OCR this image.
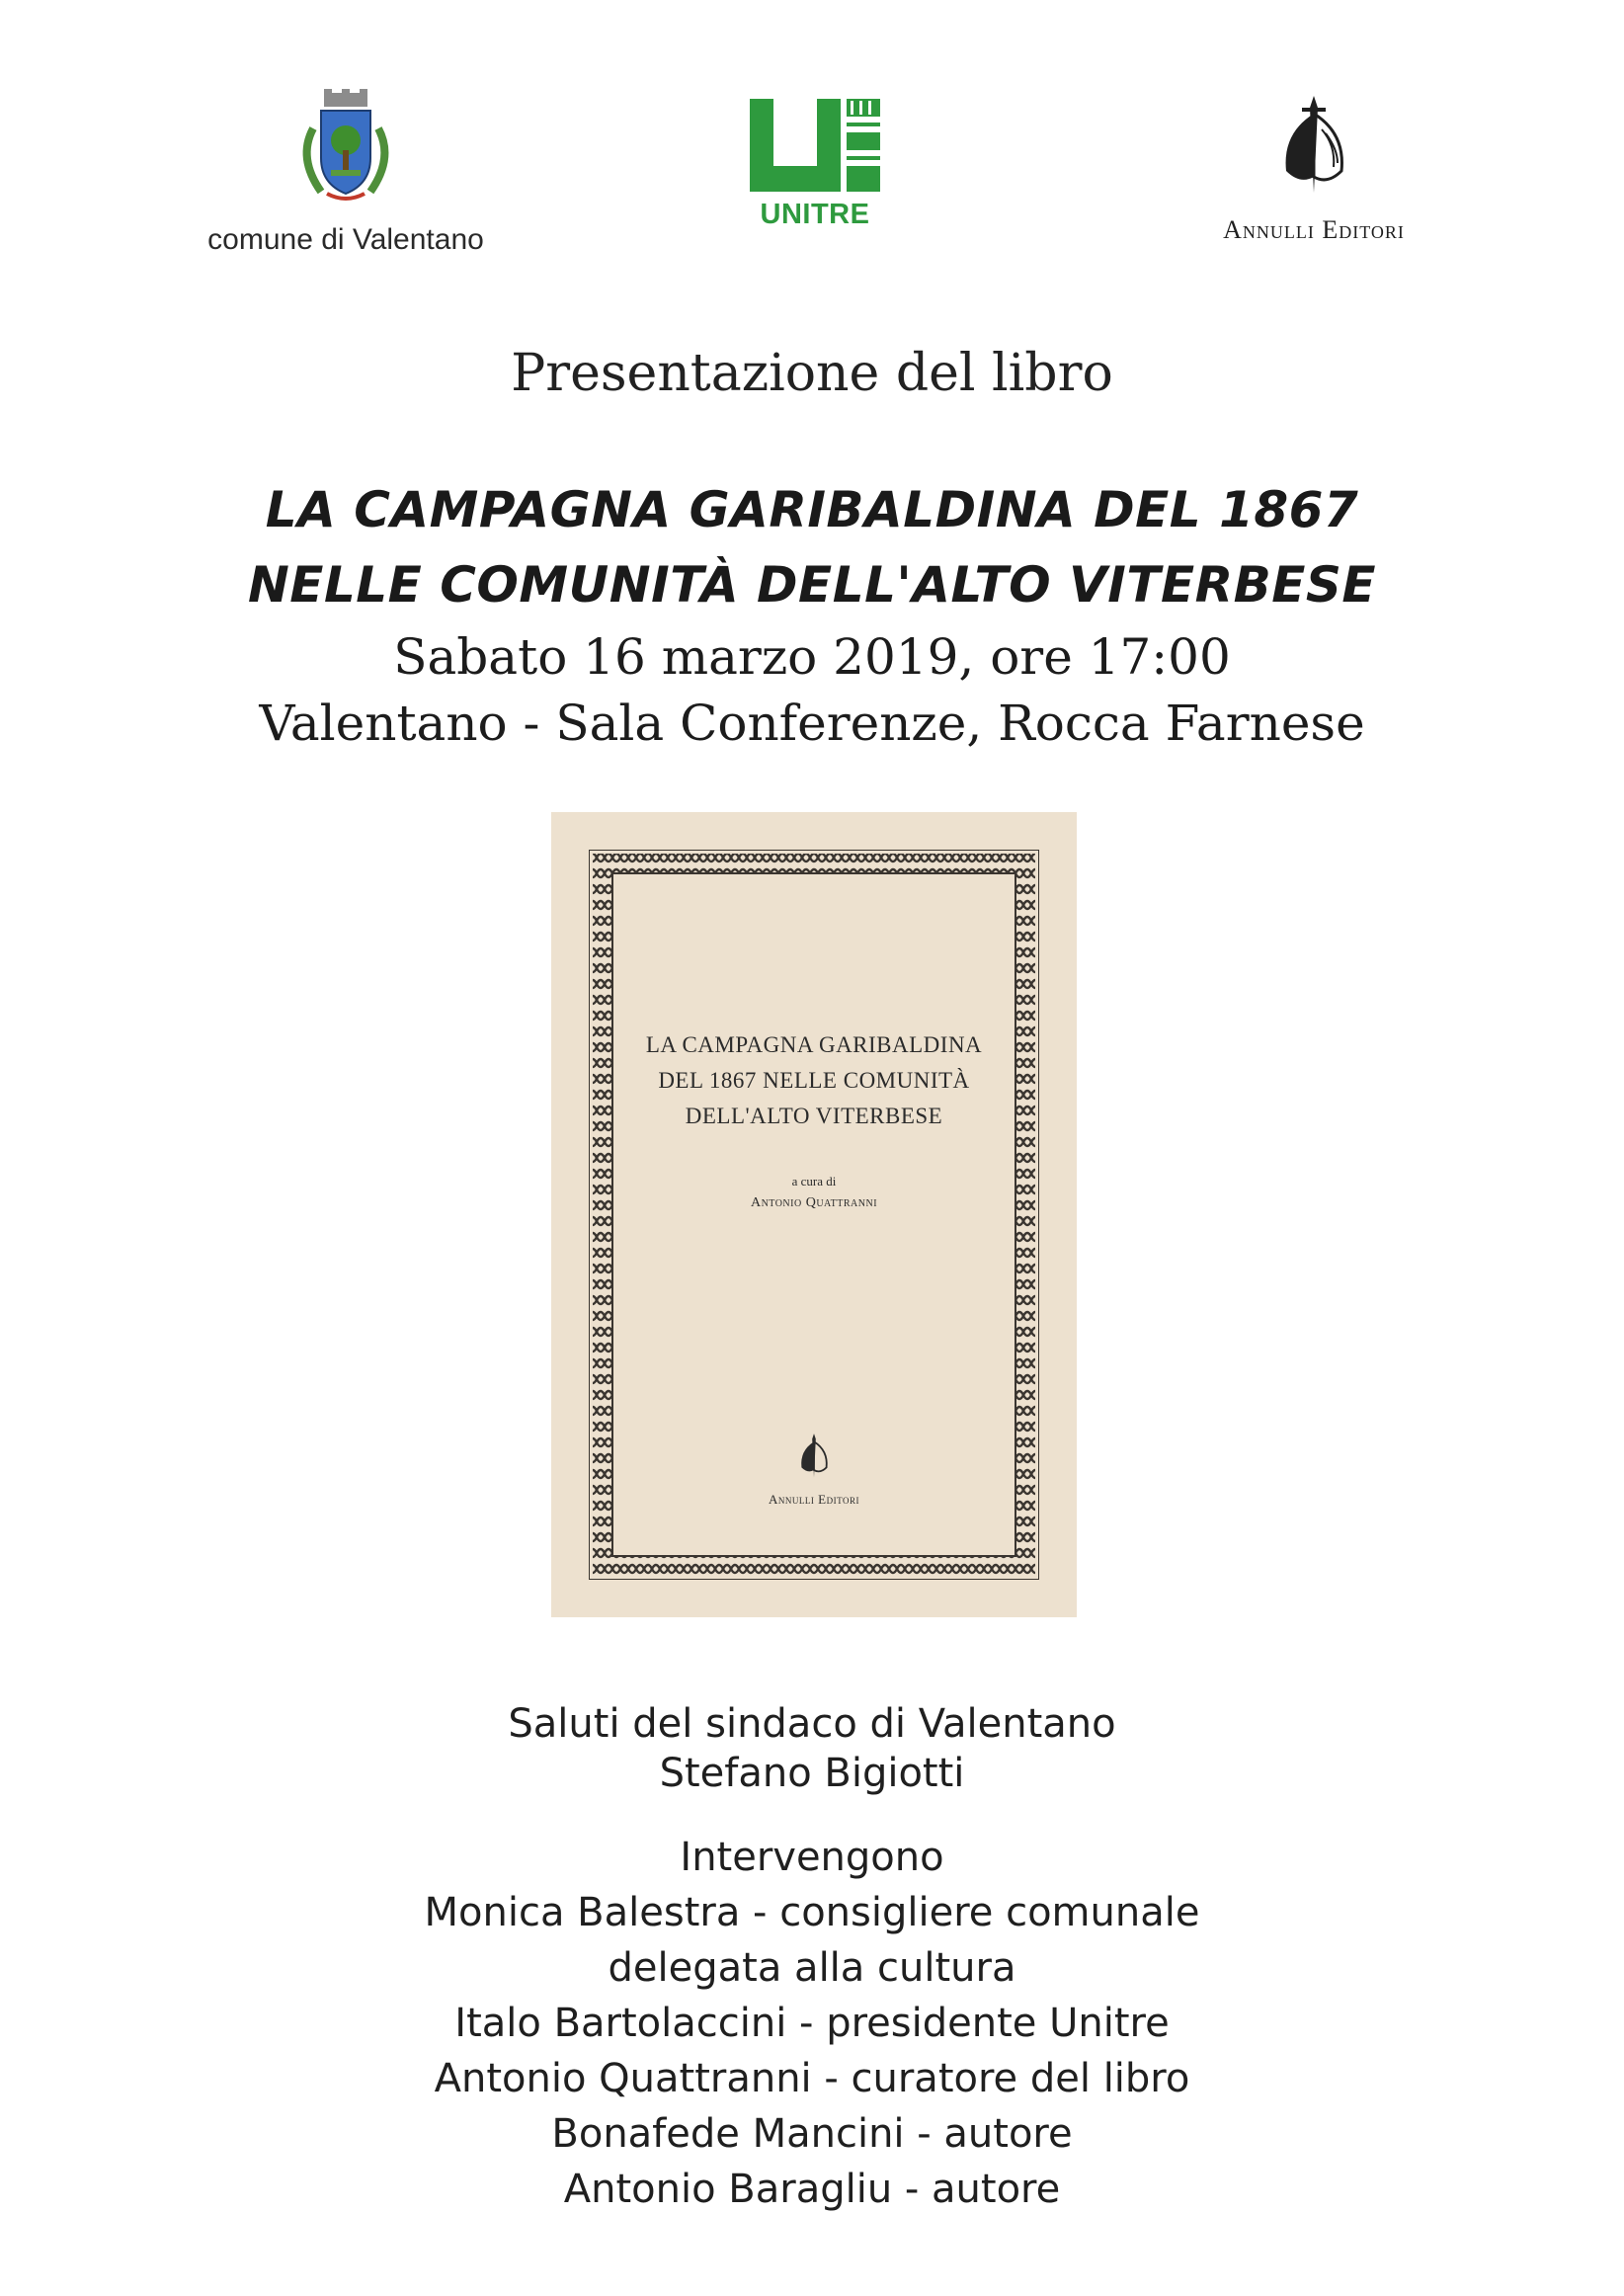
comune di Valentano
UNITRE	Annulli Editori
Presentazione del libro
LA CAMPAGNA GARIBALDINA DEL 1867
NELLE COMUNITÀ DELL'ALTO VITERBESE
Sabato 16 marzo 2019, ore 17:00
Valentano - Sala Conferenze, Rocca Farnese
LA CAMPAGNA GARIBALDINA
DEL 1867 NELLE COMUNITÀ
DELL'ALTO VITERBESE
a cura di
Antonio Quattranni
Annulli Editori
Saluti del sindaco di Valentano
Stefano Bigiotti
Intervengono
Monica Balestra - consigliere comunale
delegata alla cultura
Italo Bartolaccini - presidente Unitre
Antonio Quattranni - curatore del libro
Bonafede Mancini - autore
Antonio Baragliu - autore
